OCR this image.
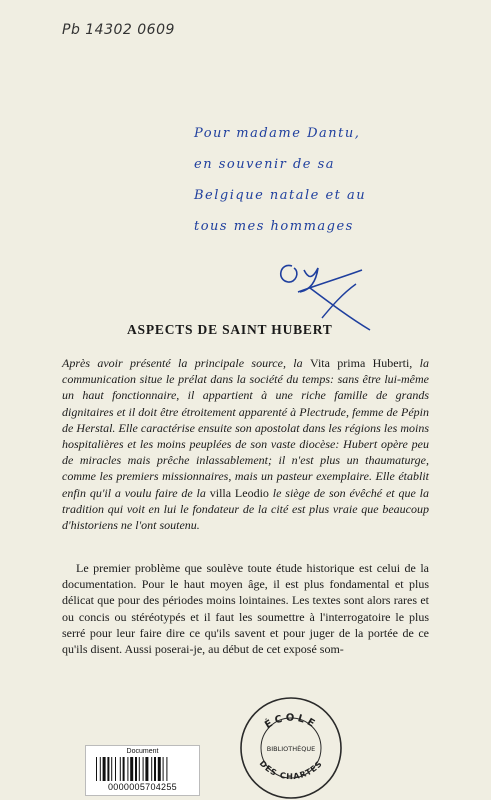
Pb 14302 0609
Pour madame Dantu,
en souvenir de sa
Belgique natale et au
tous mes hommages
ASPECTS DE SAINT HUBERT

Après avoir présenté la principale source, la Vita prima Huberti, la communication situe le prélat dans la société du temps: sans être lui-même un haut fonctionnaire, il appartient à une riche famille de grands dignitaires et il doit être étroitement apparenté à Plectrude, femme de Pépin de Herstal. Elle caractérise ensuite son apostolat dans les régions les moins hospitalières et les moins peuplées de son vaste diocèse: Hubert opère peu de miracles mais prêche inlassablement; il n'est plus un thaumaturge, comme les premiers missionnaires, mais un pasteur exemplaire. Elle établit enfin qu'il a voulu faire de la villa Leodio le siège de son évêché et que la tradition qui voit en lui le fondateur de la cité est plus vraie que beaucoup d'historiens ne l'ont soutenu.

Le premier problème que soulève toute étude historique est celui de la documentation. Pour le haut moyen âge, il est plus fondamental et plus délicat que pour des périodes moins lointaines. Les textes sont alors rares et ou concis ou stéréotypés et il faut les soumettre à l'interrogatoire le plus serré pour leur faire dire ce qu'ils savent et pour juger de la portée de ce qu'ils disent. Aussi poserai-je, au début de cet exposé som-

ÉCOLE
BIBLIOTHÈQUE
DES CHARTES
Document
0000005704255
